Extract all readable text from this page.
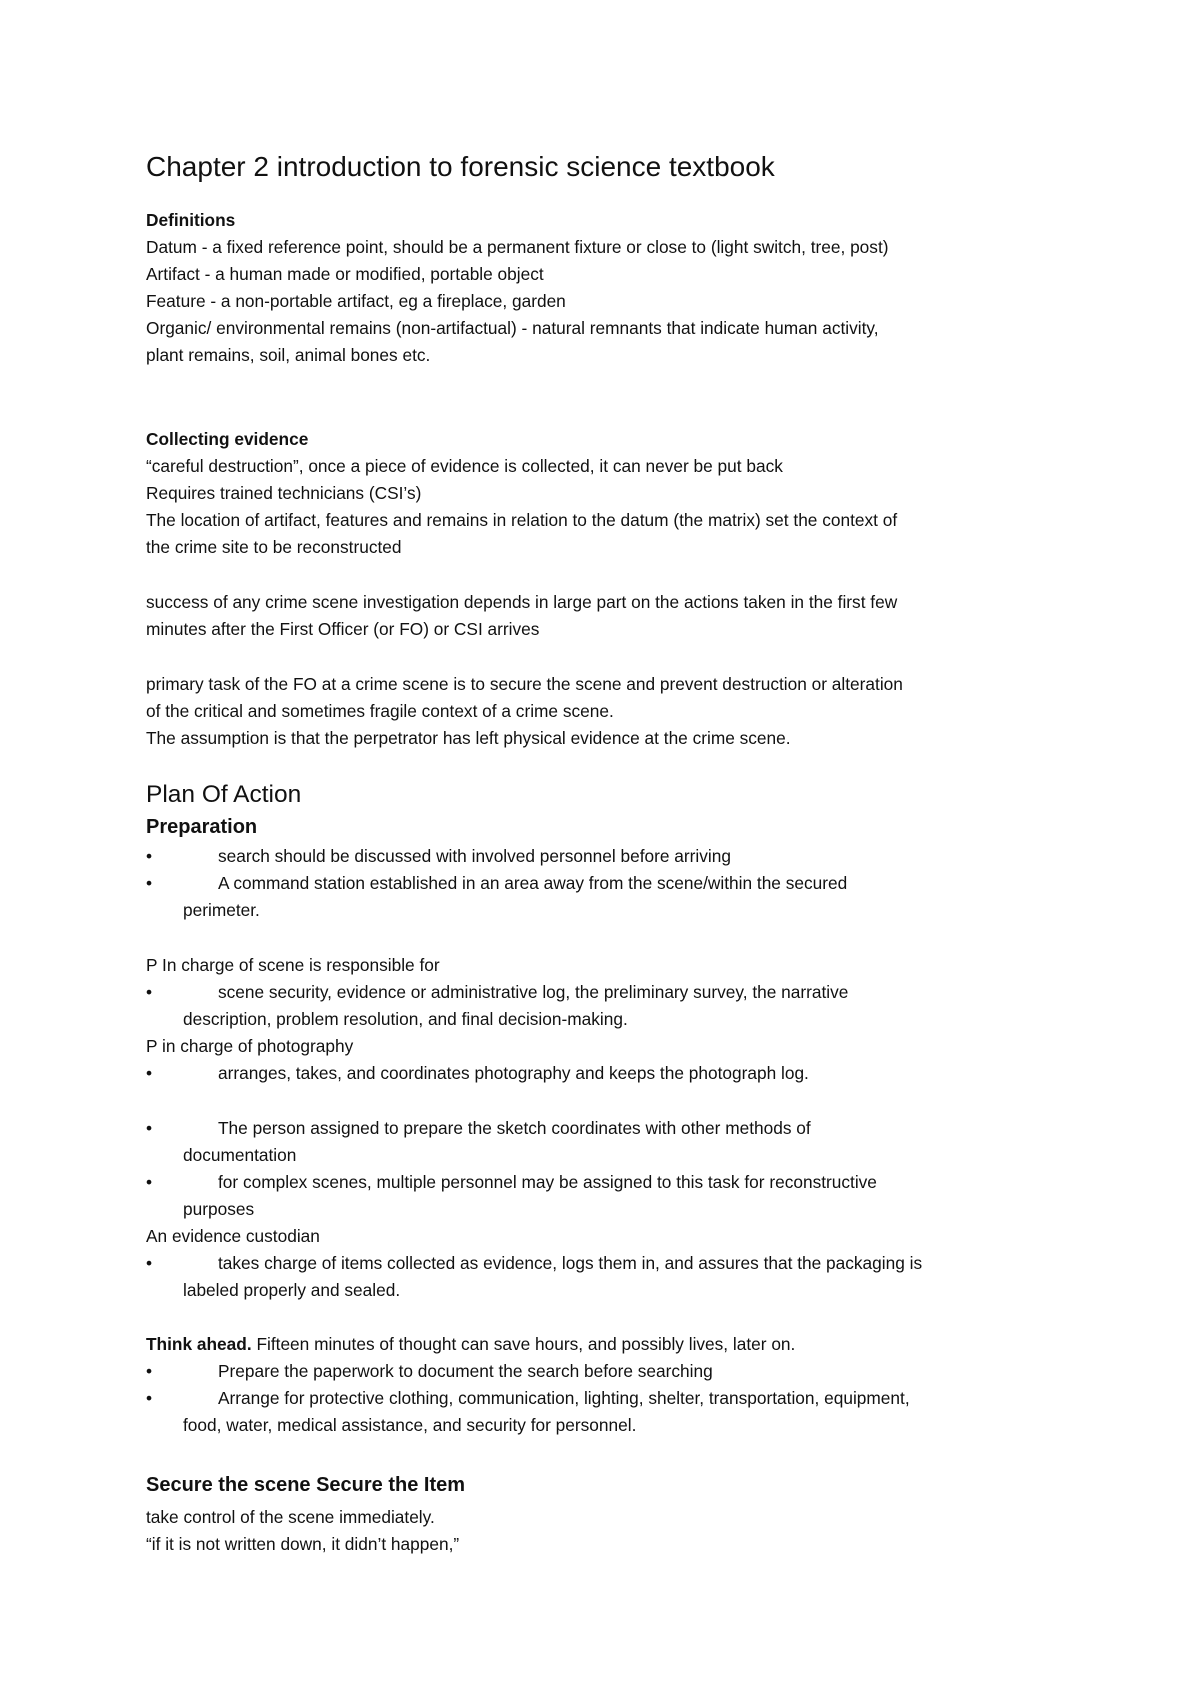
Chapter 2 introduction to forensic science textbook
Definitions
Datum - a fixed reference point, should be a permanent fixture or close to (light switch, tree, post)
Artifact - a human made or modified, portable object
Feature - a non-portable artifact, eg a fireplace, garden
Organic/ environmental remains (non-artifactual) - natural remnants that indicate human activity,
plant remains, soil, animal bones etc.
Collecting evidence
“careful destruction”, once a piece of evidence is collected, it can never be put back
Requires trained technicians (CSI’s)
The location of artifact, features and remains in relation to the datum (the matrix) set the context of
the crime site to be reconstructed
success of any crime scene investigation depends in large part on the actions taken in the first few
minutes after the First Officer (or FO) or CSI arrives
primary task of the FO at a crime scene is to secure the scene and prevent destruction or alteration
of the critical and sometimes fragile context of a crime scene.
The assumption is that the perpetrator has left physical evidence at the crime scene.
Plan Of Action
Preparation
•	search should be discussed with involved personnel before arriving
•	A command station established in an area away from the scene/within the secured
perimeter.
P In charge of scene is responsible for
•	scene security, evidence or administrative log, the preliminary survey, the narrative
description, problem resolution, and final decision-making.
P in charge of photography
•	arranges, takes, and coordinates photography and keeps the photograph log.
•	The person assigned to prepare the sketch coordinates with other methods of
documentation
•	for complex scenes, multiple personnel may be assigned to this task for reconstructive
purposes
An evidence custodian
•	takes charge of items collected as evidence, logs them in, and assures that the packaging is
labeled properly and sealed.
Think ahead. Fifteen minutes of thought can save hours, and possibly lives, later on.
•	Prepare the paperwork to document the search before searching
•	Arrange for protective clothing, communication, lighting, shelter, transportation, equipment,
food, water, medical assistance, and security for personnel.
Secure the scene Secure the Item
take control of the scene immediately.
“if it is not written down, it didn’t happen,”
